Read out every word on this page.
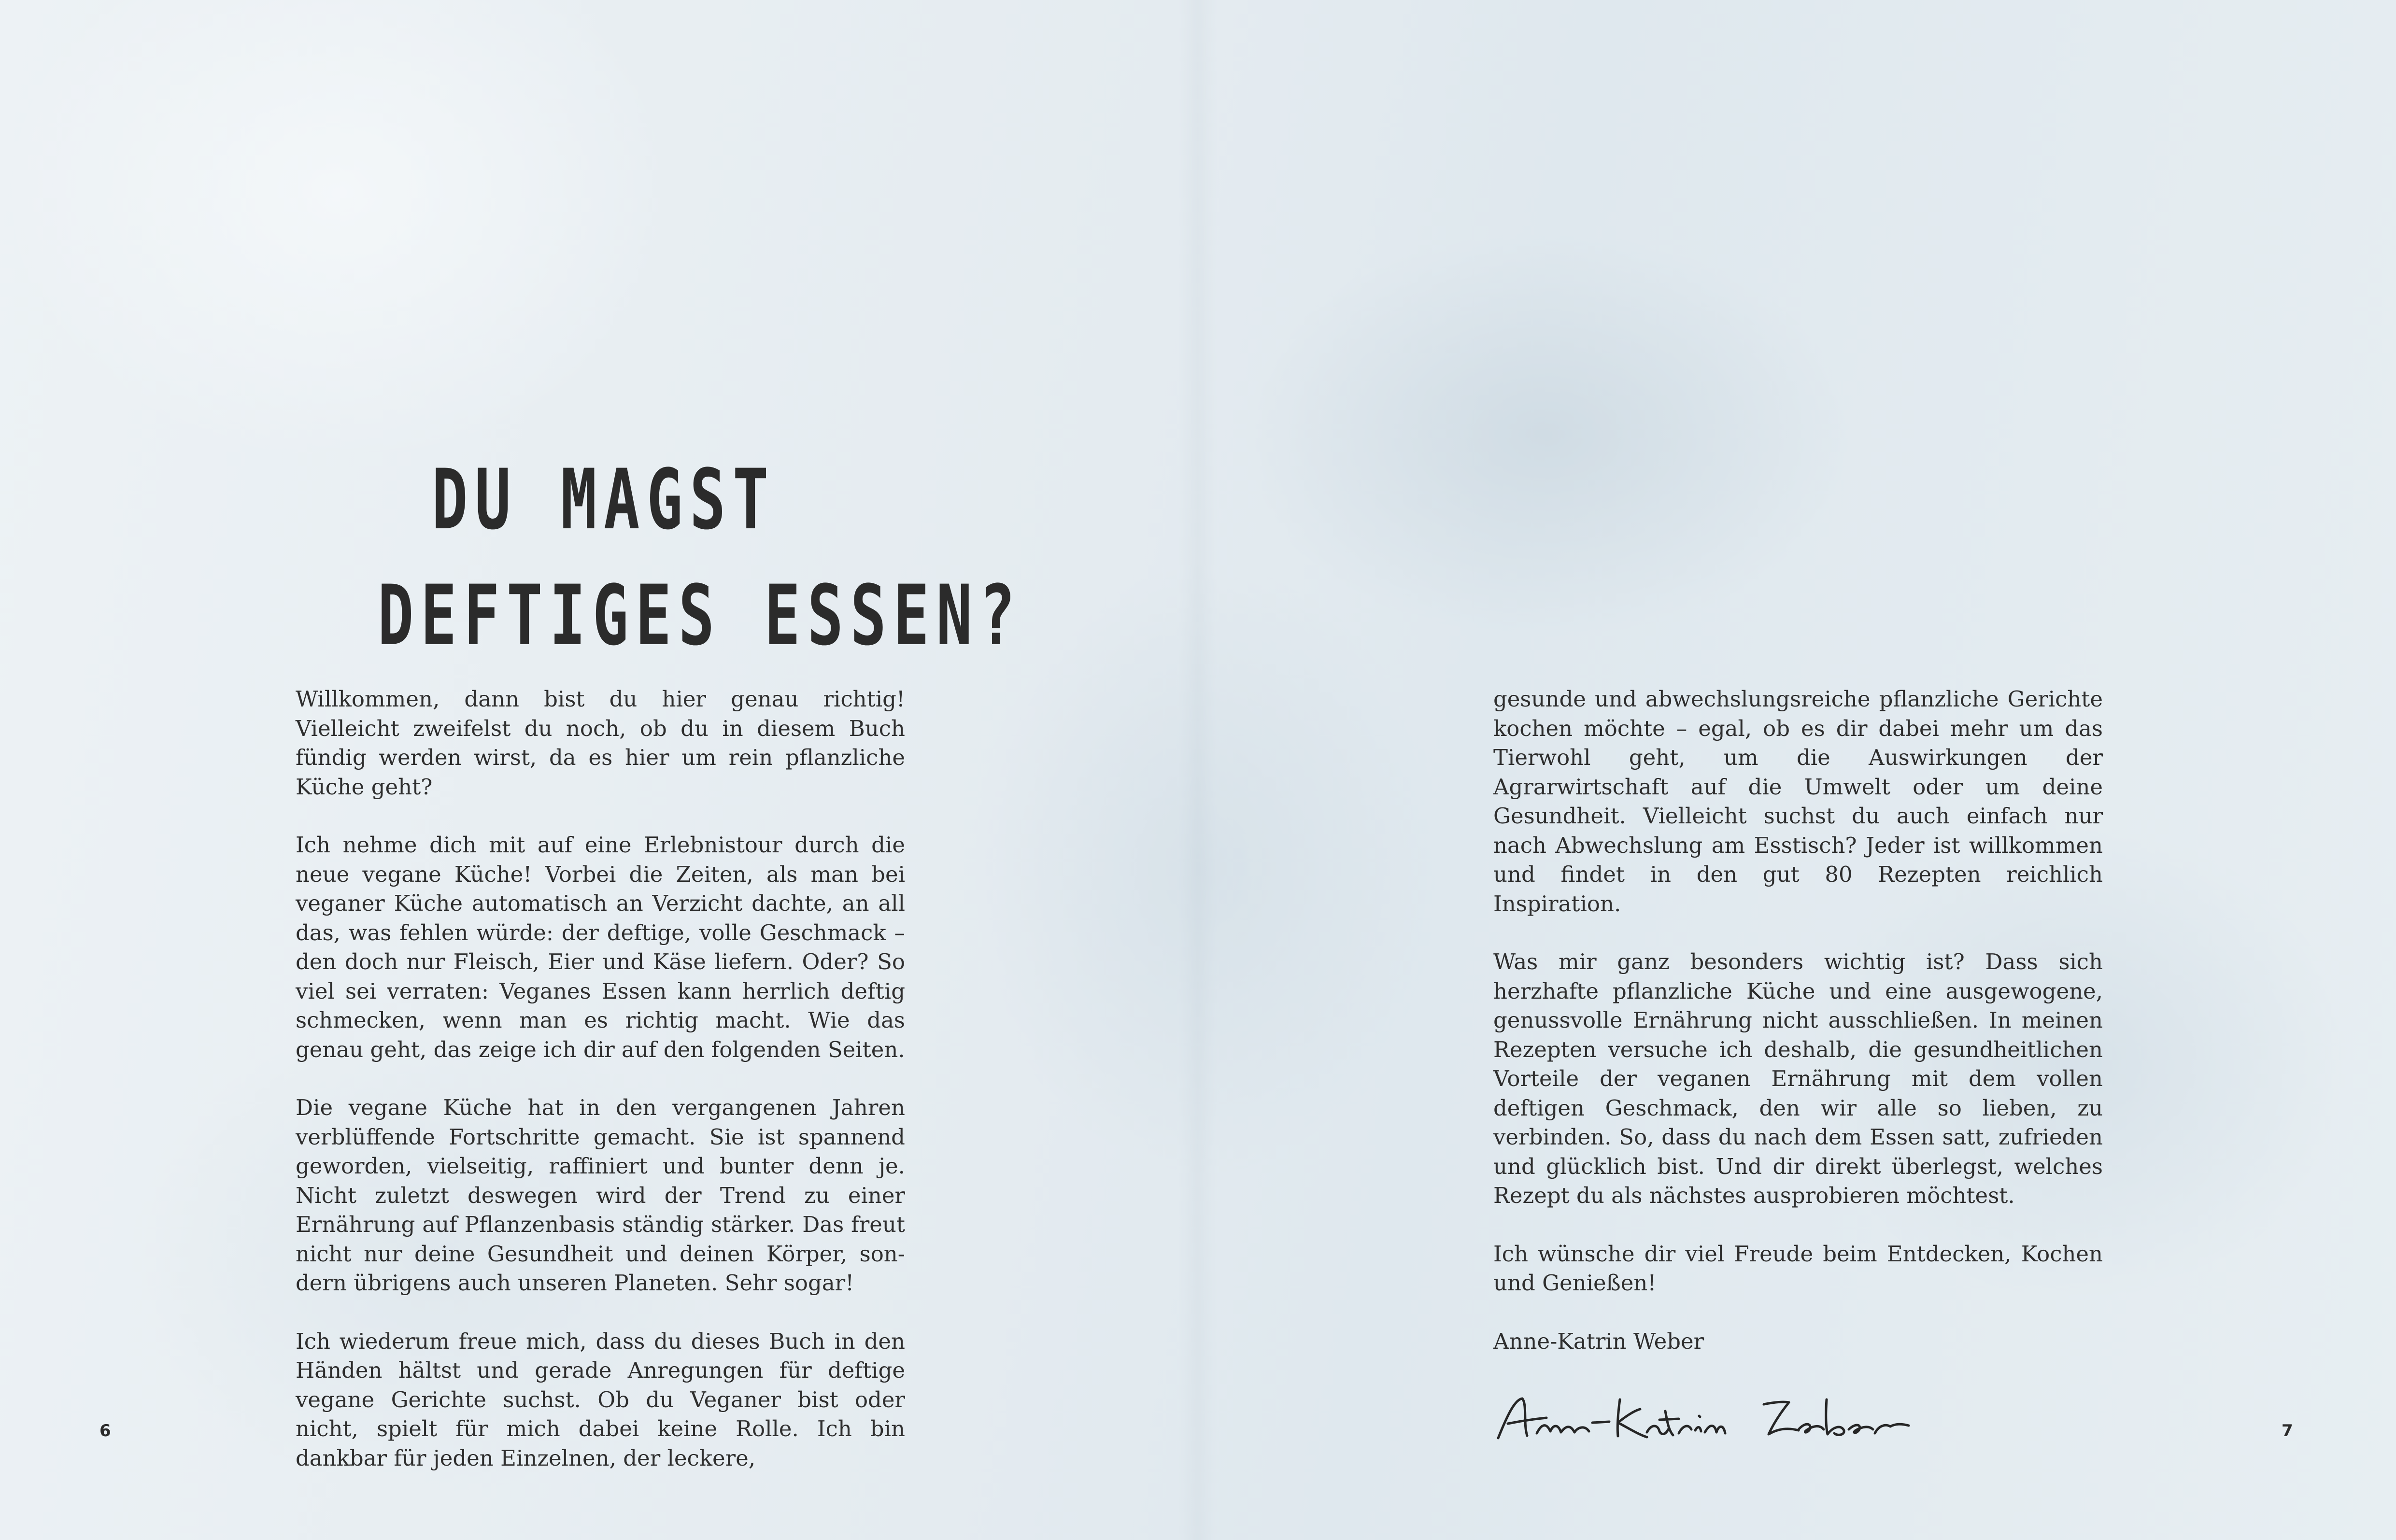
DU MAGST
DEFTIGES ESSEN?

Willkommen, dann bist du hier genau richtig! Vielleicht zweifelst du noch, ob du in diesem Buch fündig werden wirst, da es hier um rein pflanzliche Küche geht?

Ich nehme dich mit auf eine Erlebnistour durch die neue vegane Küche! Vorbei die Zeiten, als man bei veganer Küche automatisch an Verzicht dachte, an all das, was fehlen würde: der deftige, volle Geschmack – den doch nur Fleisch, Eier und Käse liefern. Oder? So viel sei verraten: Veganes Essen kann herrlich deftig schmecken, wenn man es richtig macht. Wie das genau geht, das zeige ich dir auf den folgenden Seiten.

Die vegane Küche hat in den vergangenen Jahren verblüffende Fortschritte gemacht. Sie ist spannend geworden, vielseitig, raffiniert und bunter denn je. Nicht zuletzt deswegen wird der Trend zu einer Ernährung auf Pflanzenbasis ständig stärker. Das freut nicht nur deine Gesundheit und deinen Körper, sondern übrigens auch unseren Planeten. Sehr sogar!

Ich wiederum freue mich, dass du dieses Buch in den Händen hältst und gerade Anregungen für deftige vegane Gerichte suchst. Ob du Veganer bist oder nicht, spielt für mich dabei keine Rolle. Ich bin dankbar für jeden Einzelnen, der leckere,

6

gesunde und abwechslungsreiche pflanzliche Gerichte kochen möchte – egal, ob es dir dabei mehr um das Tierwohl geht, um die Auswirkungen der Agrarwirtschaft auf die Umwelt oder um deine Gesundheit. Vielleicht suchst du auch einfach nur nach Abwechslung am Esstisch? Jeder ist willkommen und findet in den gut 80 Rezepten reichlich Inspiration.

Was mir ganz besonders wichtig ist? Dass sich herzhafte pflanzliche Küche und eine ausgewogene, genussvolle Ernährung nicht ausschließen. In meinen Rezepten versuche ich deshalb, die gesundheitlichen Vorteile der veganen Ernährung mit dem vollen deftigen Geschmack, den wir alle so lieben, zu verbinden. So, dass du nach dem Essen satt, zufrieden und glücklich bist. Und dir direkt überlegst, welches Rezept du als nächstes ausprobieren möchtest.

Ich wünsche dir viel Freude beim Entdecken, Kochen und Genießen!

Anne-Katrin Weber

7
